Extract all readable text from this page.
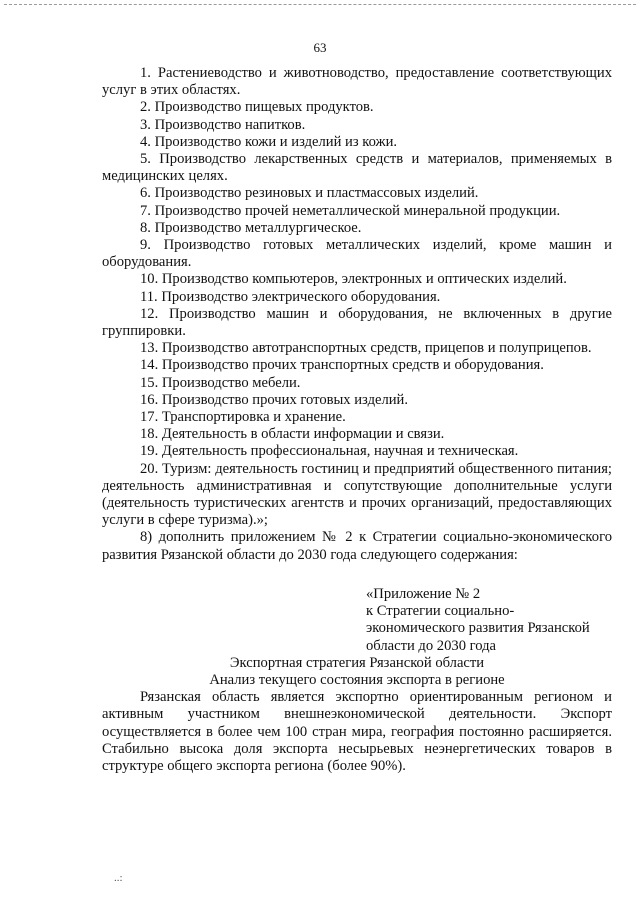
63

1. Растениеводство и животноводство, предоставление соответствующих услуг в этих областях.

2. Производство пищевых продуктов.

3. Производство напитков.

4. Производство кожи и изделий из кожи.

5. Производство лекарственных средств и материалов, применяемых в медицинских целях.

6. Производство резиновых и пластмассовых изделий.

7. Производство прочей неметаллической минеральной продукции.

8. Производство металлургическое.

9. Производство готовых металлических изделий, кроме машин и оборудования.

10. Производство компьютеров, электронных и оптических изделий.

11. Производство электрического оборудования.

12. Производство машин и оборудования, не включенных в другие группировки.

13. Производство автотранспортных средств, прицепов и полуприцепов.

14. Производство прочих транспортных средств и оборудования.

15. Производство мебели.

16. Производство прочих готовых изделий.

17. Транспортировка и хранение.

18. Деятельность в области информации и связи.

19. Деятельность профессиональная, научная и техническая.

20. Туризм: деятельность гостиниц и предприятий общественного питания; деятельность административная и сопутствующие дополнительные услуги (деятельность туристических агентств и прочих организаций, предоставляющих услуги в сфере туризма).»;

8) дополнить приложением № 2 к Стратегии социально-экономического развития Рязанской области до 2030 года следующего содержания:

«Приложение № 2
к Стратегии социально-
экономического развития Рязанской
области до 2030 года

Экспортная стратегия Рязанской области

Анализ текущего состояния экспорта в регионе

Рязанская область является экспортно ориентированным регионом и активным участником внешнеэкономической деятельности. Экспорт осуществляется в более чем 100 стран мира, география постоянно расширяется. Стабильно высока доля экспорта несырьевых неэнергетических товаров в структуре общего экспорта региона (более 90%).

..:
